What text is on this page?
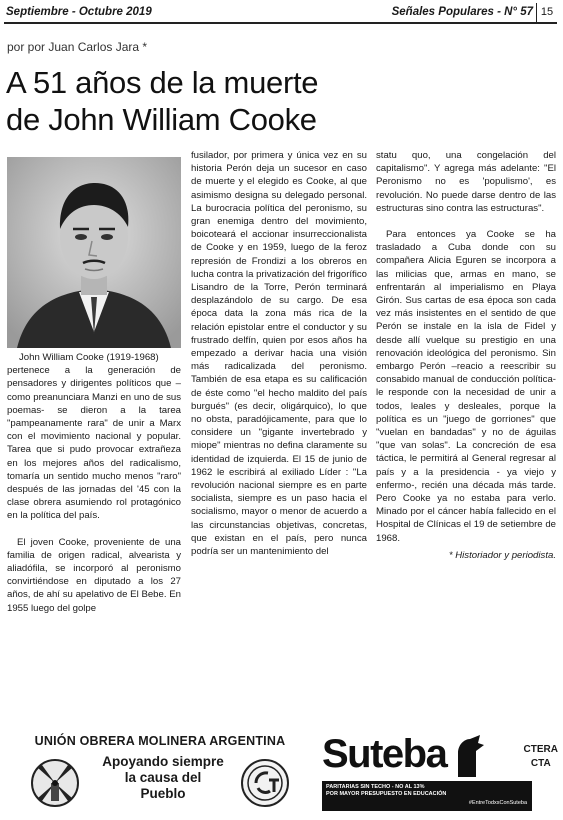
Septiembre - Octubre 2019	Señales Populares - N° 57 15
por por Juan Carlos Jara *
A 51 años de la muerte
de John William Cooke

John William Cooke (1919-1968)

pertenece a la generación de pensadores y dirigentes políticos que –como preanunciara Manzi en uno de sus poemas- se dieron a la tarea "pampeanamente rara" de unir a Marx con el movimiento nacional y popular. Tarea que si pudo provocar extrañeza en los mejores años del radicalismo, tomaría un sentido mucho menos "raro" después de las jornadas del '45 con la clase obrera asumiendo rol protagónico en la política del país.

El joven Cooke, proveniente de una familia de origen radical, alvearista y aliadófila, se incorporó al peronismo convirtiéndose en diputado a los 27 años, de ahí su apelativo de El Bebe. En 1955 luego del golpe

fusilador, por primera y única vez en su historia Perón deja un sucesor en caso de muerte y el elegido es Cooke, al que asimismo designa su delegado personal. La burocracia política del peronismo, su gran enemiga dentro del movimiento, boicoteará el accionar insurreccionalista de Cooke y en 1959, luego de la feroz represión de Frondizi a los obreros en lucha contra la privatización del frigorífico Lisandro de la Torre, Perón terminará desplazándolo de su cargo. De esa época data la zona más rica de la relación epistolar entre el conductor y su frustrado delfín, quien por esos años ha empezado a derivar hacia una visión más radicalizada del peronismo. También de esa etapa es su calificación de éste como "el hecho maldito del país burgués" (es decir, oligárquico), lo que no obsta, paradójicamente, para que lo considere un "gigante invertebrado y miope" mientras no defina claramente su identidad de izquierda. El 15 de junio de 1962 le escribirá al exiliado Líder : "La revolución nacional siempre es en parte socialista, siempre es un paso hacia el socialismo, mayor o menor de acuerdo a las circunstancias objetivas, concretas, que existan en el país, pero nunca podría ser un mantenimiento del

statu quo, una congelación del capitalismo". Y agrega más adelante: "El Peronismo no es 'populismo', es revolución. No puede darse dentro de las estructuras sino contra las estructuras".

Para entonces ya Cooke se ha trasladado a Cuba donde con su compañera Alicia Eguren se incorpora a las milicias que, armas en mano, se enfrentarán al imperialismo en Playa Girón. Sus cartas de esa época son cada vez más insistentes en el sentido de que Perón se instale en la isla de Fidel y desde allí vuelque su prestigio en una renovación ideológica del peronismo. Sin embargo Perón –reacio a reescribir su consabido manual de conducción política- le responde con la necesidad de unir a todos, leales y desleales, porque la política es un "juego de gorriones" que "vuelan en bandadas" y no de águilas "que van solas". La concreción de esa táctica, le permitirá al General regresar al país y a la presidencia - ya viejo y enfermo-, recién una década más tarde. Pero Cooke ya no estaba para verlo. Minado por el cáncer había fallecido en el Hospital de Clínicas el 19 de setiembre de 1968.

* Historiador y periodista.

UNIÓN OBRERA MOLINERA ARGENTINA
Apoyando siempre
la causa del
Pueblo
Suteba	CTERA
CTA
PARITARIAS SIN TECHO - NO AL 13%
POR MAYOR PRESUPUESTO EN EDUCACIÓN
#EntreTodxsConSuteba
